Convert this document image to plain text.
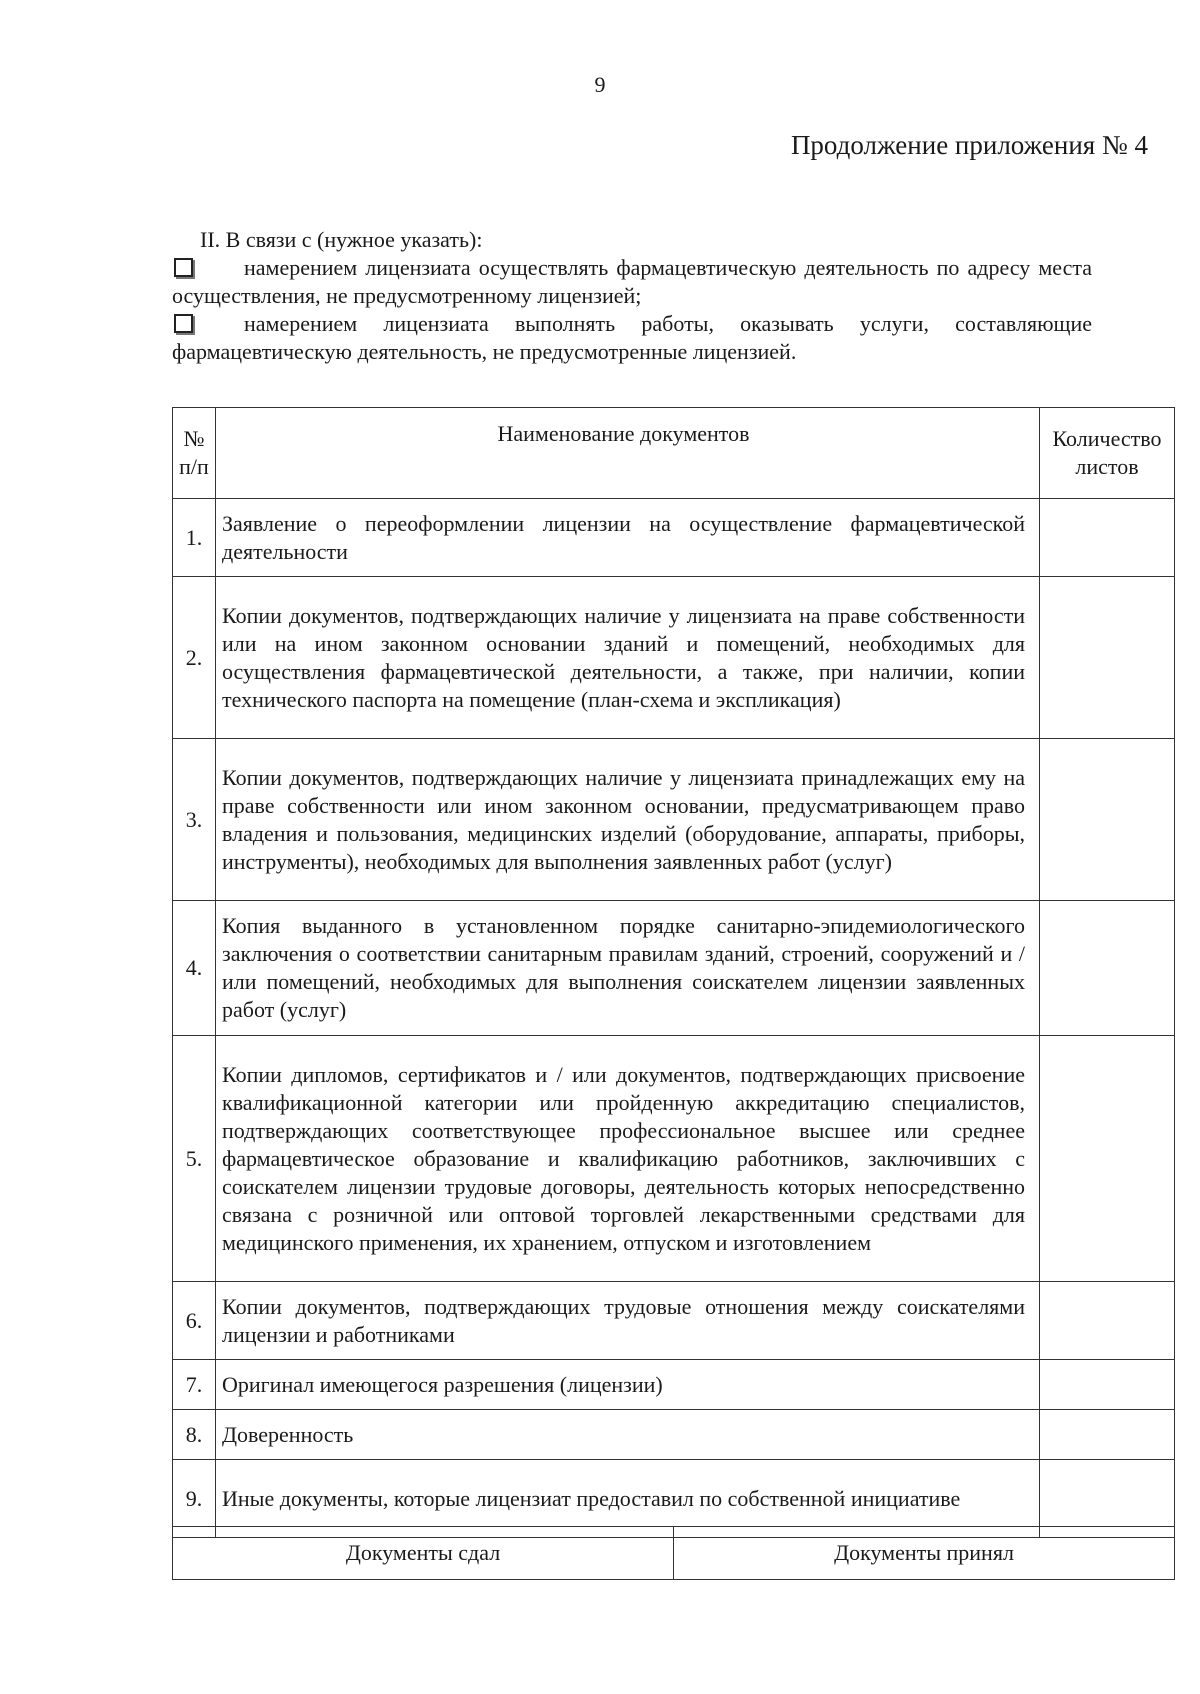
9
Продолжение приложения № 4
II. В связи с (нужное указать):
намерением лицензиата осуществлять фармацевтическую деятельность по адресу места осуществления, не предусмотренному лицензией;
намерением лицензиата выполнять работы, оказывать услуги, составляющие фармацевтическую деятельность, не предусмотренные лицензией.
№ п/п	Наименование документов	Количество листов

1.	Заявление о переоформлении лицензии на осуществление фармацевтической деятельности	
2.	Копии документов, подтверждающих наличие у лицензиата на праве собственности или на ином законном основании зданий и помещений, необходимых для осуществления фармацевтической деятельности, а также, при наличии, копии технического паспорта на помещение (план-схема и экспликация)	
3.	Копии документов, подтверждающих наличие у лицензиата принадлежащих ему на праве собственности или ином законном основании, предусматривающем право владения и пользования, медицинских изделий (оборудование, аппараты, приборы, инструменты), необходимых для выполнения заявленных работ (услуг)	
4.	Копия выданного в установленном порядке санитарно-эпидемиологического заключения о соответствии санитарным правилам зданий, строений, сооружений и / или помещений, необходимых для выполнения соискателем лицензии заявленных работ (услуг)	
5.	Копии дипломов, сертификатов и / или документов, подтверждающих присвоение квалификационной категории или пройденную аккредитацию специалистов, подтверждающих соответствующее профессиональное высшее или среднее фармацевтическое образование и квалификацию работников, заключивших с соискателем лицензии трудовые договоры, деятельность которых непосредственно связана с розничной или оптовой торговлей лекарственными средствами для медицинского применения, их хранением, отпуском и изготовлением	
6.	Копии документов, подтверждающих трудовые отношения между соискателями лицензии и работниками	
7.	Оригинал имеющегося разрешения (лицензии)	
8.	Доверенность	
9.	Иные документы, которые лицензиат предоставил по собственной инициативе	
Документы сдал	Документы принял
